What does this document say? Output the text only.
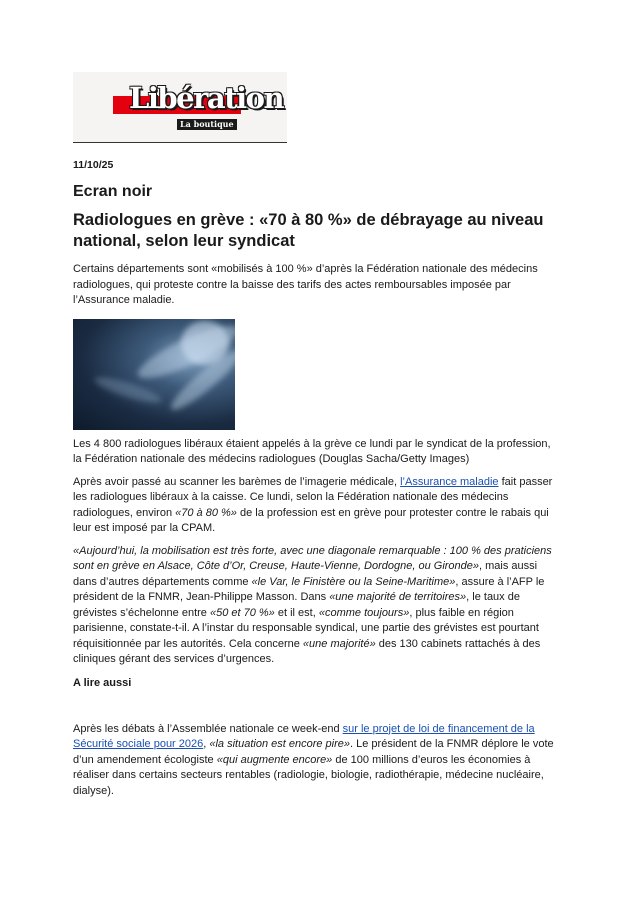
Libération
La boutique
11/10/25
Ecran noir
Radiologues en grève : «70 à 80 %» de débrayage au niveau national, selon leur syndicat
Certains départements sont «mobilisés à 100 %» d’après la Fédération nationale des médecins radiologues, qui proteste contre la baisse des tarifs des actes remboursables imposée par l’Assurance maladie.
Les 4 800 radiologues libéraux étaient appelés à la grève ce lundi par le syndicat de la profession, la Fédération nationale des médecins radiologues (Douglas Sacha/Getty Images)

Après avoir passé au scanner les barèmes de l’imagerie médicale, l’Assurance maladie fait passer les radiologues libéraux à la caisse. Ce lundi, selon la Fédération nationale des médecins radiologues, environ «70 à 80 %» de la profession est en grève pour protester contre le rabais qui leur est imposé par la CPAM.

«Aujourd’hui, la mobilisation est très forte, avec une diagonale remarquable : 100 % des praticiens sont en grève en Alsace, Côte d’Or, Creuse, Haute-Vienne, Dordogne, ou Gironde», mais aussi dans d’autres départements comme «le Var, le Finistère ou la Seine-Maritime», assure à l’AFP le président de la FNMR, Jean-Philippe Masson. Dans «une majorité de territoires», le taux de grévistes s’échelonne entre «50 et 70 %» et il est, «comme toujours», plus faible en région parisienne, constate-t-il. A l’instar du responsable syndical, une partie des grévistes est pourtant réquisitionnée par les autorités. Cela concerne «une majorité» des 130 cabinets rattachés à des cliniques gérant des services d’urgences.

A lire aussi

Après les débats à l’Assemblée nationale ce week-end sur le projet de loi de financement de la Sécurité sociale pour 2026, «la situation est encore pire». Le président de la FNMR déplore le vote d’un amendement écologiste «qui augmente encore» de 100 millions d’euros les économies à réaliser dans certains secteurs rentables (radiologie, biologie, radiothérapie, médecine nucléaire, dialyse).
